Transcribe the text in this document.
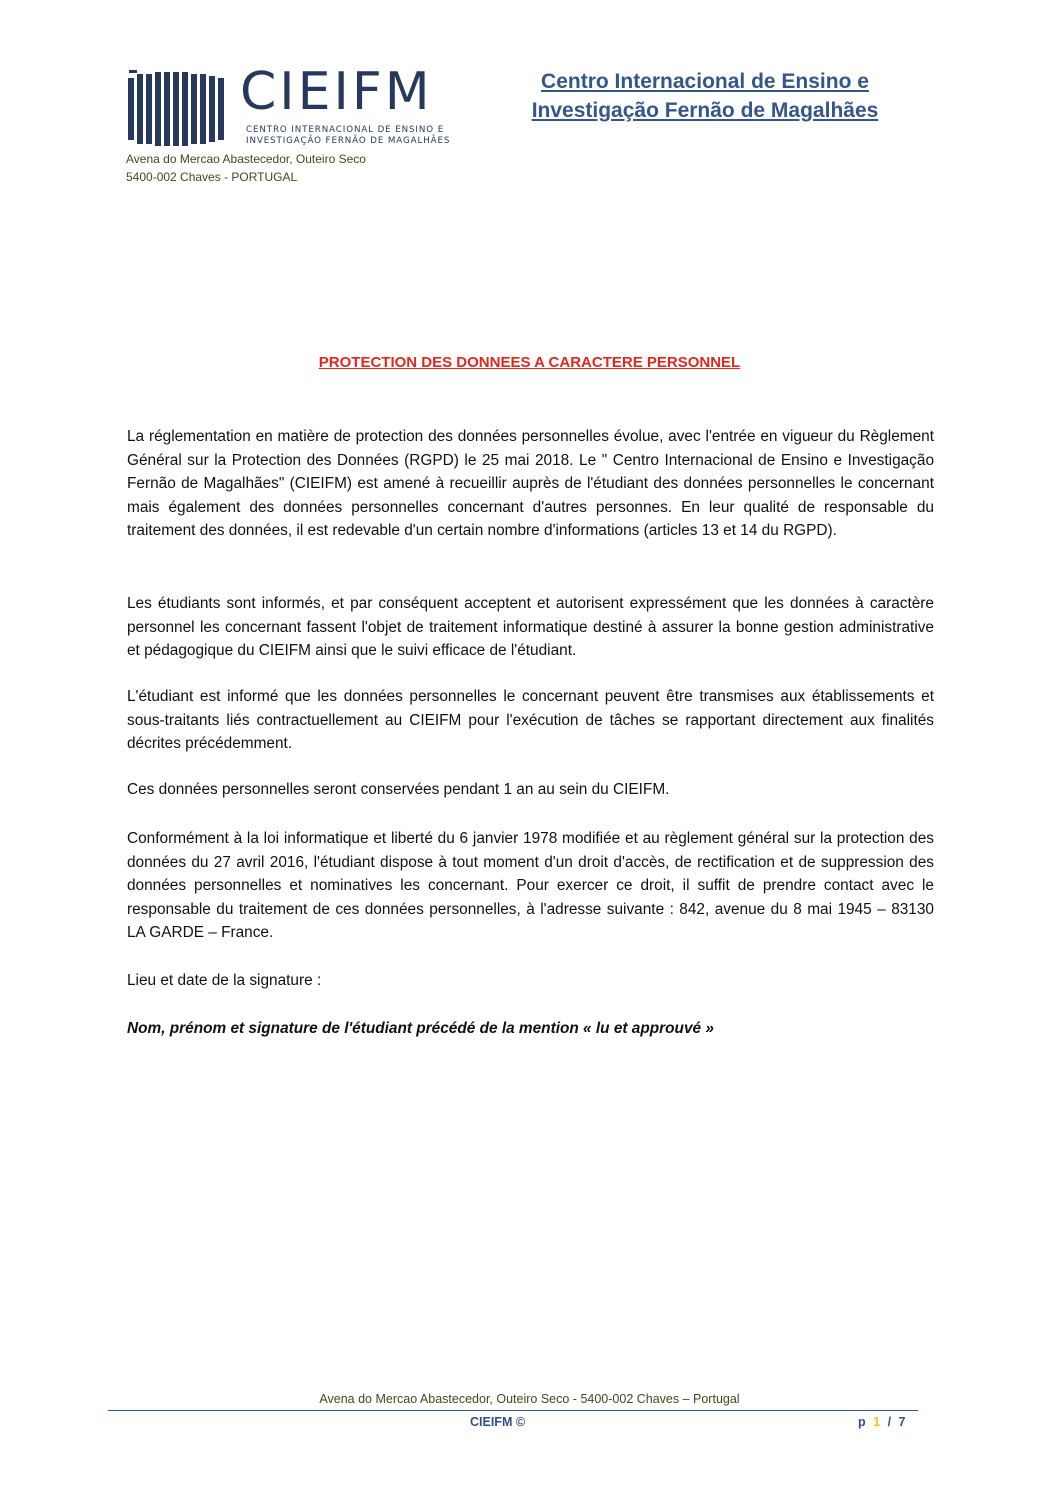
CIEIFM
CENTRO INTERNACIONAL DE ENSINO E
INVESTIGAÇÃO FERNÃO DE MAGALHÃES
Avena do Mercao Abastecedor, Outeiro Seco
5400-002 Chaves - PORTUGAL
Centro Internacional de Ensino e
Investigação Fernão de Magalhães
PROTECTION DES DONNEES A CARACTERE PERSONNEL

La réglementation en matière de protection des données personnelles évolue, avec l'entrée en vigueur du Règlement Général sur la Protection des Données (RGPD) le 25 mai 2018. Le " Centro Internacional de Ensino e Investigação Fernão de Magalhães" (CIEIFM) est amené à recueillir auprès de l'étudiant des données personnelles le concernant mais également des données personnelles concernant d'autres personnes. En leur qualité de responsable du traitement des données, il est redevable d'un certain nombre d'informations (articles 13 et 14 du RGPD).

Les étudiants sont informés, et par conséquent acceptent et autorisent expressément que les données à caractère personnel les concernant fassent l'objet de traitement informatique destiné à assurer la bonne gestion administrative et pédagogique du CIEIFM ainsi que le suivi efficace de l'étudiant.

L'étudiant est informé que les données personnelles le concernant peuvent être transmises aux établissements et sous-traitants liés contractuellement au CIEIFM pour l'exécution de tâches se rapportant directement aux finalités décrites précédemment.

Ces données personnelles seront conservées pendant 1 an au sein du CIEIFM.

Conformément à la loi informatique et liberté du 6 janvier 1978 modifiée et au règlement général sur la protection des données du 27 avril 2016, l'étudiant dispose à tout moment d'un droit d'accès, de rectification et de suppression des données personnelles et nominatives les concernant. Pour exercer ce droit, il suffit de prendre contact avec le responsable du traitement de ces données personnelles, à l'adresse suivante : 842, avenue du 8 mai 1945 – 83130 LA GARDE – France.

Lieu et date de la signature :

Nom, prénom et signature de l'étudiant précédé de la mention « lu et approuvé »

Avena do Mercao Abastecedor, Outeiro Seco - 5400-002 Chaves – Portugal
CIEIFM ©	p 1 / 7
